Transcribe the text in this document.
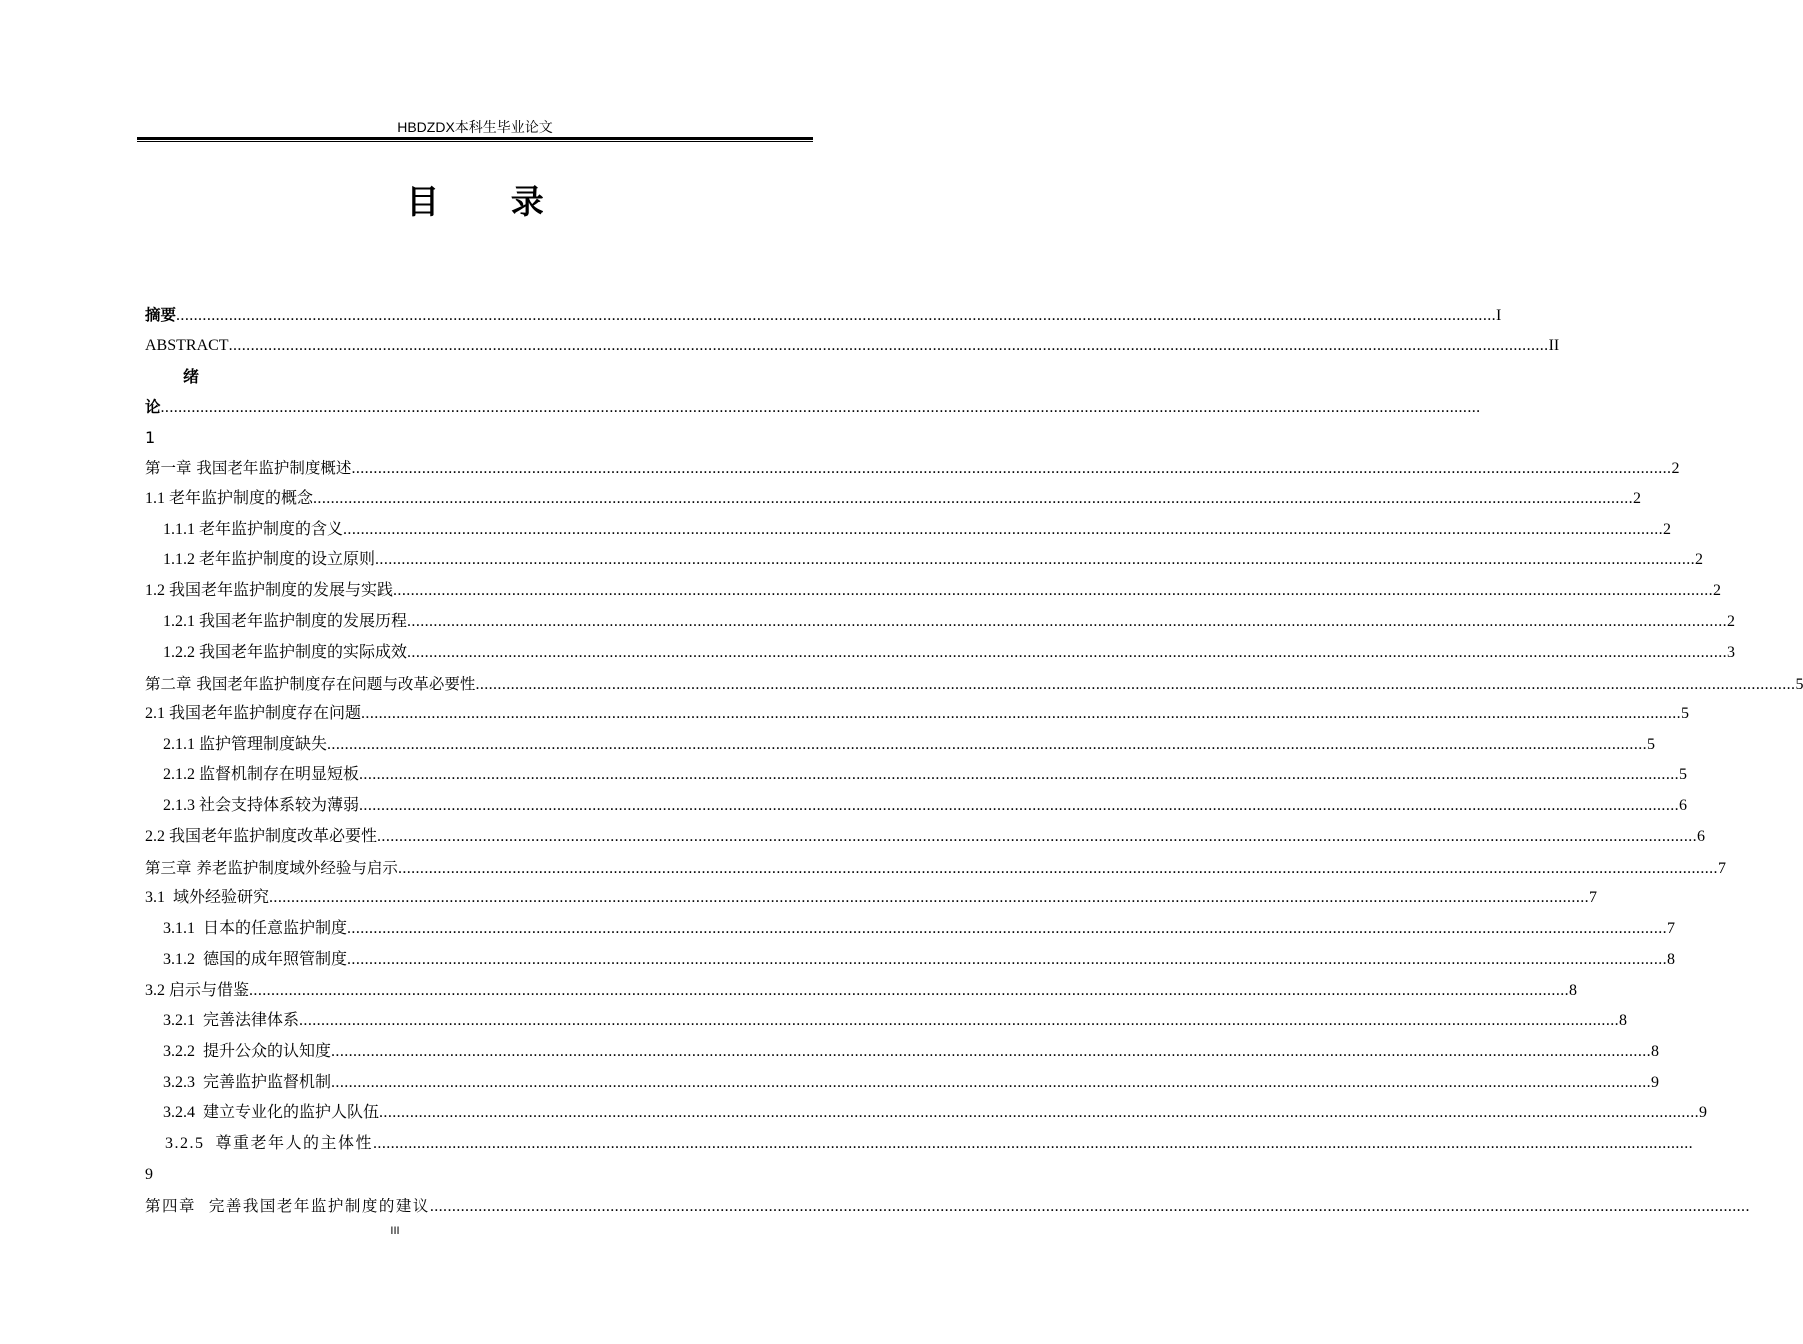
HBDZDX本科生毕业论文
目 录
摘要 ............................................................................................................................................................................................................................................................................................................ I
ABSTRACT ............................................................................................................................................................................................................................................................................................................ II
绪
论 ............................................................................................................................................................................................................................................................................................................
1
第一章 我国老年监护制度概述 ............................................................................................................................................................................................................................................................................................................ 2
1.1 老年监护制度的概念 ............................................................................................................................................................................................................................................................................................................ 2
1.1.1 老年监护制度的含义 ............................................................................................................................................................................................................................................................................................................ 2
1.1.2 老年监护制度的设立原则 ............................................................................................................................................................................................................................................................................................................ 2
1.2 我国老年监护制度的发展与实践 ............................................................................................................................................................................................................................................................................................................ 2
1.2.1 我国老年监护制度的发展历程 ............................................................................................................................................................................................................................................................................................................ 2
1.2.2 我国老年监护制度的实际成效 ............................................................................................................................................................................................................................................................................................................ 3
第二章 我国老年监护制度存在问题与改革必要性 ............................................................................................................................................................................................................................................................................................................ 5
2.1 我国老年监护制度存在问题 ............................................................................................................................................................................................................................................................................................................ 5
2.1.1 监护管理制度缺失 ............................................................................................................................................................................................................................................................................................................ 5
2.1.2 监督机制存在明显短板 ............................................................................................................................................................................................................................................................................................................ 5
2.1.3 社会支持体系较为薄弱 ............................................................................................................................................................................................................................................................................................................ 6
2.2 我国老年监护制度改革必要性 ............................................................................................................................................................................................................................................................................................................ 6
第三章 养老监护制度域外经验与启示 ............................................................................................................................................................................................................................................................................................................ 7
3.1  域外经验研究 ............................................................................................................................................................................................................................................................................................................ 7
3.1.1  日本的任意监护制度 ............................................................................................................................................................................................................................................................................................................ 7
3.1.2  德国的成年照管制度 ............................................................................................................................................................................................................................................................................................................ 8
3.2 启示与借鉴 ............................................................................................................................................................................................................................................................................................................ 8
3.2.1  完善法律体系 ............................................................................................................................................................................................................................................................................................................ 8
3.2.2  提升公众的认知度 ............................................................................................................................................................................................................................................................................................................ 8
3.2.3  完善监护监督机制 ............................................................................................................................................................................................................................................................................................................ 9
3.2.4  建立专业化的监护人队伍 ............................................................................................................................................................................................................................................................................................................ 9
3.2.5  尊重老年人的主体性 ............................................................................................................................................................................................................................................................................................................
9
第四章  完善我国老年监护制度的建议 ............................................................................................................................................................................................................................................................................................................
III
